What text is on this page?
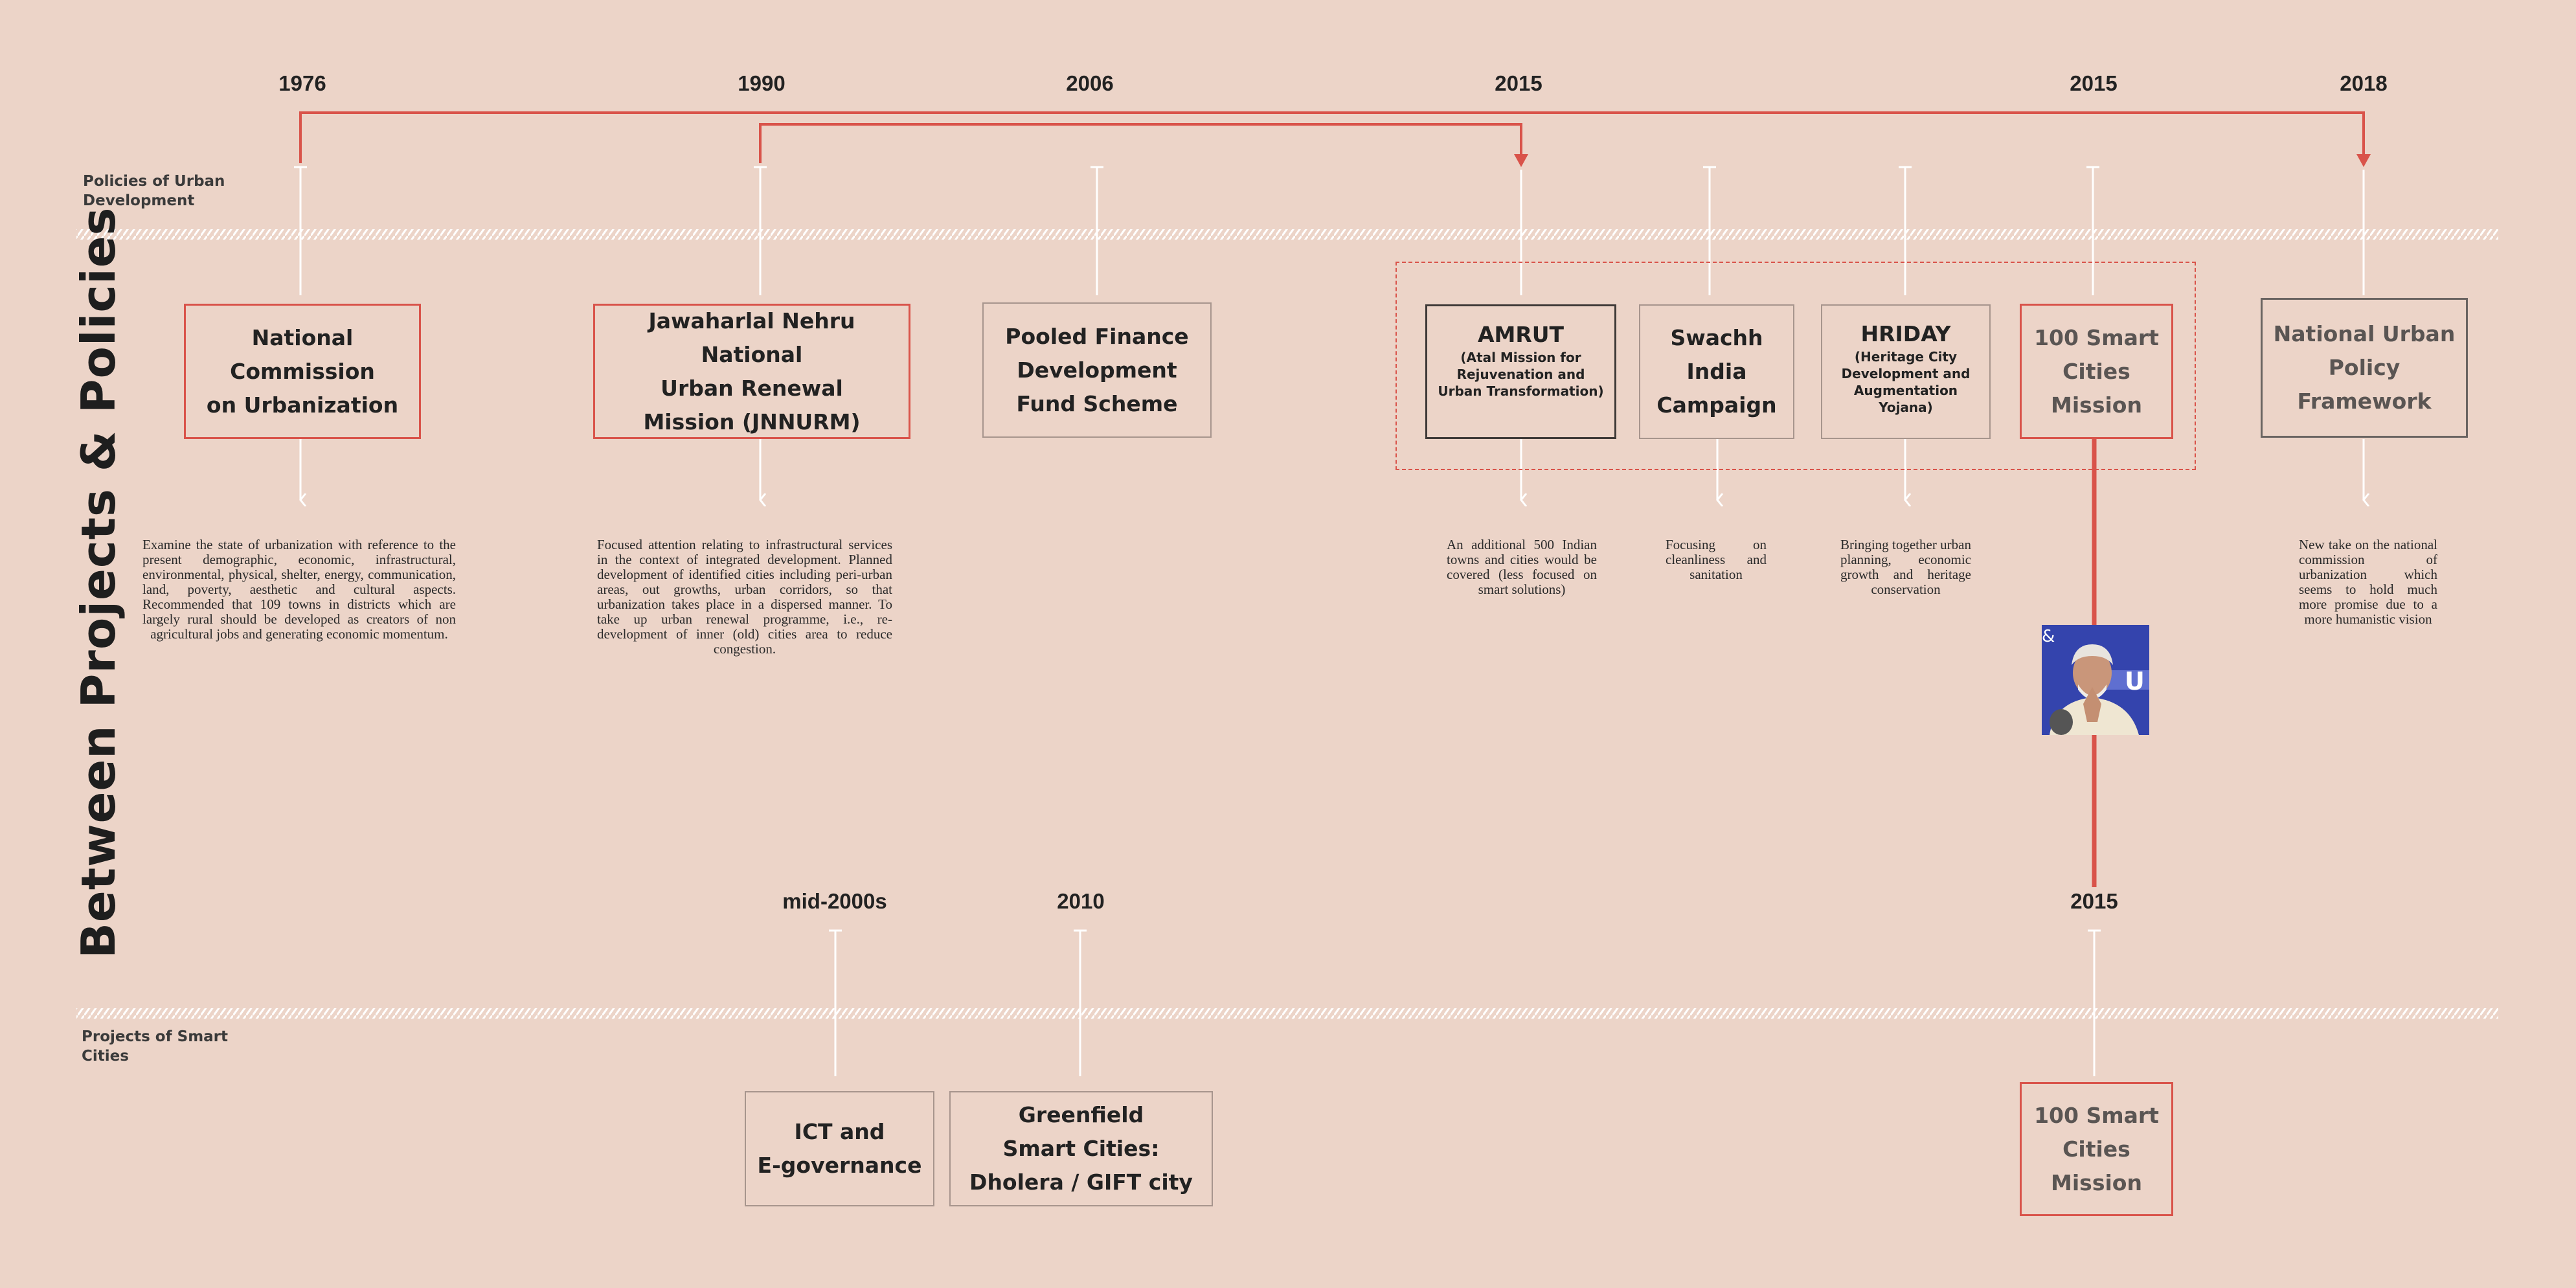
Between Projects & Policies
Policies of Urban Development
Projects of Smart Cities
1976	1990	2006	2015	2015	2018
National
Commission
on Urbanization
Jawaharlal Nehru National
Urban Renewal
Mission (JNNURM)
Pooled Finance
Development
Fund Scheme
AMRUT
(Atal Mission for Rejuvenation and Urban Transformation)
Swachh
India
Campaign
HRIDAY
(Heritage City Development and Augmentation Yojana)
100 Smart
Cities
Mission
National Urban
Policy
Framework
Examine the state of urbanization with reference to the present demographic, economic, infrastructural, environmental, physical, shelter, energy, communication, land, poverty, aesthetic and cultural aspects. Recommended that 109 towns in districts which are largely rural should be developed as creators of non agricultural jobs and generating economic momentum.
Focused attention relating to infrastructural services in the context of integrated development. Planned development of identified cities including peri-urban areas, out growths, urban corridors, so that urbanization takes place in a dispersed manner. To take up urban renewal programme, i.e., re-development of inner (old) cities area to reduce congestion.
An additional 500 Indian towns and cities would be covered (less focused on smart solutions)
Focusing on cleanliness and sanitation
Bringing together urban planning, economic growth and heritage conservation
New take on the national commission of urbanization which seems to hold much more promise due to a more humanistic vision
&
U
mid-2000s	2010	2015
ICT and
E-governance
Greenfield
Smart Cities:
Dholera / GIFT city
100 Smart
Cities
Mission
